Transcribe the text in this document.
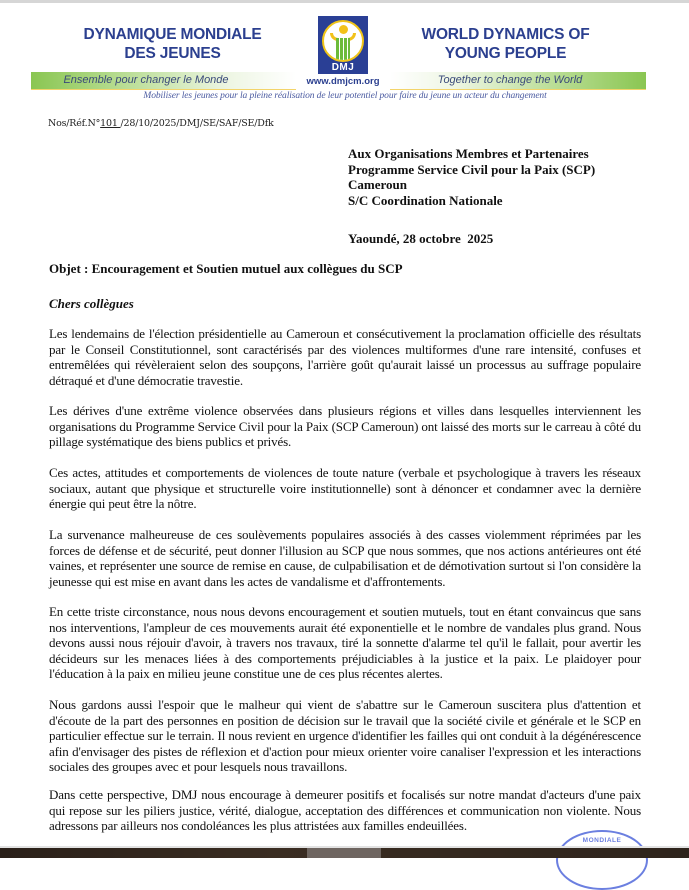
DYNAMIQUE MONDIALE
DES JEUNES
DMJ
www.dmjcm.org
WORLD DYNAMICS OF
YOUNG PEOPLE
Ensemble pour changer le Monde	Together to change the World
Mobiliser les jeunes pour la pleine réalisation de leur potentiel pour faire du jeune un acteur du changement
Nos/Réf.N°101 /28/10/2025/DMJ/SE/SAF/SE/Dfk
Aux Organisations Membres et Partenaires
Programme Service Civil pour la Paix (SCP)
Cameroun
S/C Coordination Nationale
Yaoundé, 28 octobre  2025
Objet : Encouragement et Soutien mutuel aux collègues du SCP
Chers collègues
Les lendemains de l'élection présidentielle au Cameroun et consécutivement la proclamation officielle des résultats par le Conseil Constitutionnel, sont caractérisés par des violences multiformes d'une rare intensité, confuses et entremêlées qui révèleraient selon des soupçons, l'arrière goût qu'aurait laissé un processus au suffrage populaire détraqué et d'une démocratie travestie.
Les dérives d'une extrême violence observées dans plusieurs régions et villes dans lesquelles interviennent les organisations du Programme Service Civil pour la Paix (SCP Cameroun) ont laissé des morts sur le carreau à côté du pillage systématique des biens publics et privés.
Ces actes, attitudes et comportements de violences de toute nature (verbale et psychologique à travers les réseaux sociaux, autant que physique et structurelle voire institutionnelle) sont à dénoncer et condamner avec la dernière énergie qui peut être la nôtre.
La survenance malheureuse de ces soulèvements populaires associés à des casses violemment réprimées par les forces de défense et de sécurité, peut donner l'illusion au SCP que nous sommes, que nos actions antérieures ont été vaines, et représenter une source de remise en cause, de culpabilisation et de démotivation surtout si l'on considère la jeunesse qui est mise en avant dans les actes de vandalisme et d'affrontements.
En cette triste circonstance, nous nous devons encouragement et soutien mutuels, tout en étant convaincus que sans nos interventions, l'ampleur de ces mouvements aurait été exponentielle et le nombre de vandales plus grand. Nous devons aussi nous réjouir d'avoir, à travers nos travaux, tiré la sonnette d'alarme tel qu'il le fallait, pour avertir les décideurs sur les menaces liées à des comportements préjudiciables à la justice et la paix. Le plaidoyer pour l'éducation à la paix en milieu jeune constitue une de ces plus récentes alertes.
Nous gardons aussi l'espoir que le malheur qui vient de s'abattre sur le Cameroun suscitera plus d'attention et d'écoute de la part des personnes en position de décision sur le travail que la société civile et générale et le SCP en particulier effectue sur le terrain. Il nous revient en urgence d'identifier les failles qui ont conduit à la dégénérescence afin d'envisager des pistes de réflexion et d'action pour mieux orienter voire canaliser l'expression et les interactions sociales des groupes avec et pour lesquels nous travaillons.
Dans cette perspective, DMJ nous encourage à demeurer positifs et focalisés sur notre mandat d'acteurs d'une paix qui repose sur les piliers justice, vérité, dialogue, acceptation des différences et communication non violente. Nous adressons par ailleurs nos condoléances les plus attristées aux familles endeuillées.
MONDIALE
